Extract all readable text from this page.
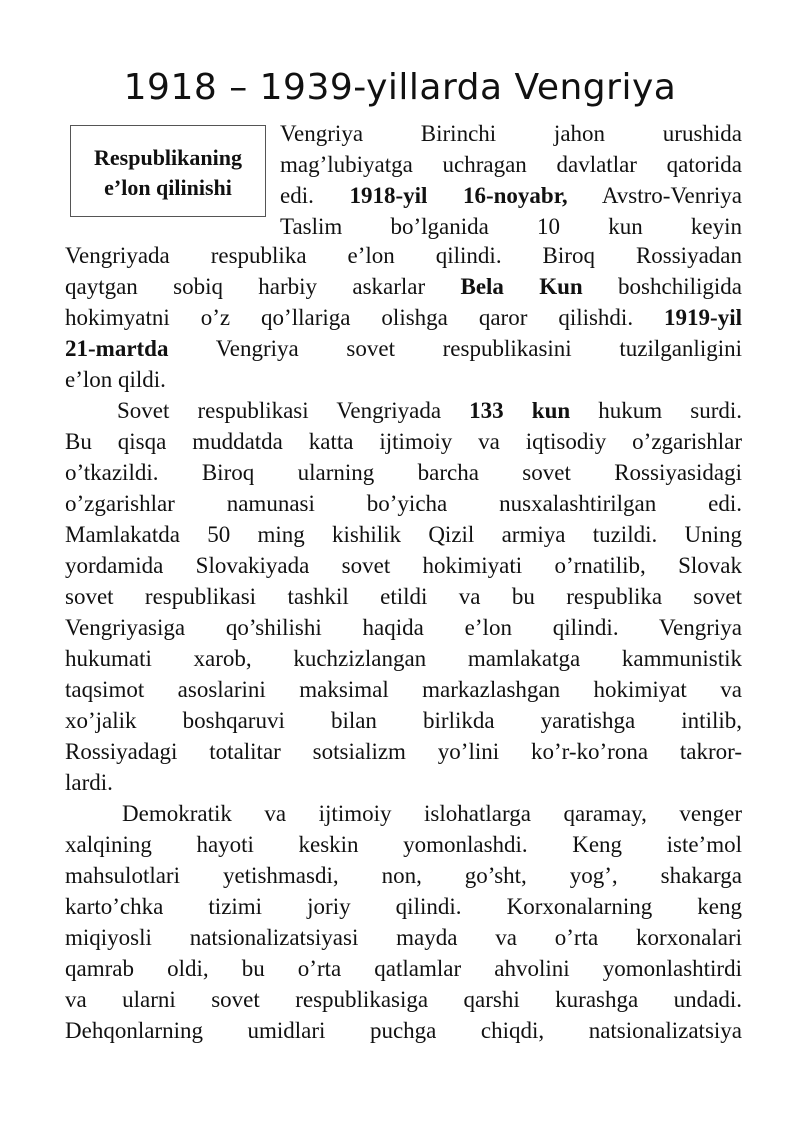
1918 – 1939-yillarda Vengriya
Respublikaning
e’lon qilinishi
Vengriya Birinchi jahon urushida
mag’lubiyatga uchragan davlatlar qatorida
edi. 1918-yil 16-noyabr, Avstro-Venriya
Taslim bo’lganida 10 kun keyin
Vengriyada respublika e’lon qilindi. Biroq Rossiyadan
qaytgan sobiq harbiy askarlar Bela Kun boshchiligida
hokimyatni o’z qo’llariga olishga qaror qilishdi. 1919-yil
21-martda Vengriya sovet respublikasini tuzilganligini
e’lon qildi.
Sovet respublikasi Vengriyada 133 kun hukum surdi.
Bu qisqa muddatda katta ijtimoiy va iqtisodiy o’zgarishlar
o’tkazildi. Biroq ularning barcha sovet Rossiyasidagi
o’zgarishlar namunasi bo’yicha nusxalashtirilgan edi.
Mamlakatda 50 ming kishilik Qizil armiya tuzildi. Uning
yordamida Slovakiyada sovet hokimiyati o’rnatilib, Slovak
sovet respublikasi tashkil etildi va bu respublika sovet
Vengriyasiga qo’shilishi haqida e’lon qilindi. Vengriya
hukumati xarob, kuchzizlangan mamlakatga kammunistik
taqsimot asoslarini maksimal markazlashgan hokimiyat va
xo’jalik boshqaruvi bilan birlikda yaratishga intilib,
Rossiyadagi totalitar sotsializm yo’lini ko’r-ko’rona takror-
lardi.
Demokratik va ijtimoiy islohatlarga qaramay, venger
xalqining hayoti keskin yomonlashdi. Keng iste’mol
mahsulotlari yetishmasdi, non, go’sht, yog’, shakarga
karto’chka tizimi joriy qilindi. Korxonalarning keng
miqiyosli natsionalizatsiyasi mayda va o’rta korxonalari
qamrab oldi, bu o’rta qatlamlar ahvolini yomonlashtirdi
va ularni sovet respublikasiga qarshi kurashga undadi.
Dehqonlarning umidlari puchga chiqdi, natsionalizatsiya
